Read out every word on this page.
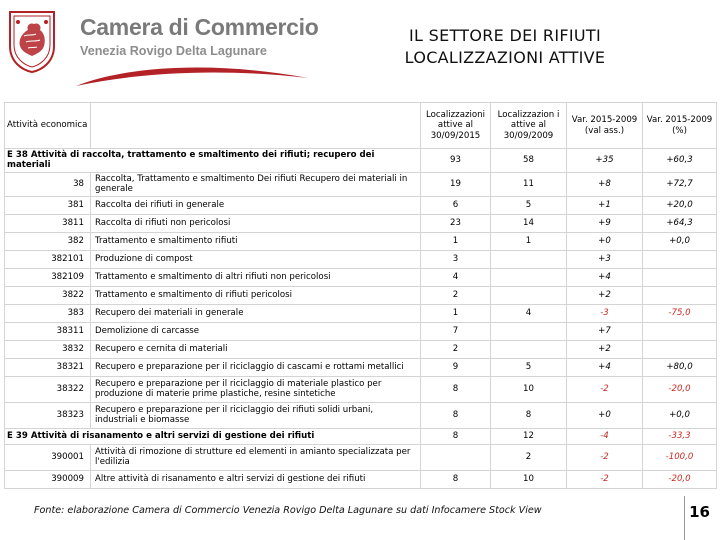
Camera di Commercio
Venezia Rovigo Delta Lagunare
IL SETTORE DEI RIFIUTI
LOCALIZZAZIONI ATTIVE
Attività economica		Localizzazioni attive al 30/09/2015	Localizzazion i attive al 30/09/2009	Var. 2015-2009 (val ass.)	Var. 2015-2009 (%)
E 38 Attività di raccolta, trattamento e smaltimento dei rifiuti; recupero dei materiali		93	58	+35	+60,3
38	Raccolta, Trattamento e smaltimento Dei rifiuti Recupero dei materiali in generale	19	11	+8	+72,7
381	Raccolta dei rifiuti in generale	6	5	+1	+20,0
3811	Raccolta di rifiuti non pericolosi	23	14	+9	+64,3
382	Trattamento e smaltimento rifiuti	1	1	+0	+0,0
382101	Produzione di compost	3		+3	
382109	Trattamento e smaltimento di altri rifiuti non pericolosi	4		+4	
3822	Trattamento e smaltimento di rifiuti pericolosi	2		+2	
383	Recupero dei materiali in generale	1	4	-3	-75,0
38311	Demolizione di carcasse	7		+7	
3832	Recupero e cernita di materiali	2		+2	
38321	Recupero e preparazione per il riciclaggio di cascami e rottami metallici	9	5	+4	+80,0
38322	Recupero e preparazione per il riciclaggio di materiale plastico per produzione di materie prime plastiche, resine sintetiche	8	10	-2	-20,0
38323	Recupero e preparazione per il riciclaggio dei rifiuti solidi urbani, industriali e biomasse	8	8	+0	+0,0
E 39 Attività di risanamento e altri servizi di gestione dei rifiuti		8	12	-4	-33,3
390001	Attività di rimozione di strutture ed elementi in amianto specializzata per l'edilizia		2	-2	-100,0
390009	Altre attività di risanamento e altri servizi di gestione dei rifiuti	8	10	-2	-20,0
Fonte: elaborazione Camera di Commercio Venezia Rovigo Delta Lagunare su dati Infocamere Stock View	16
